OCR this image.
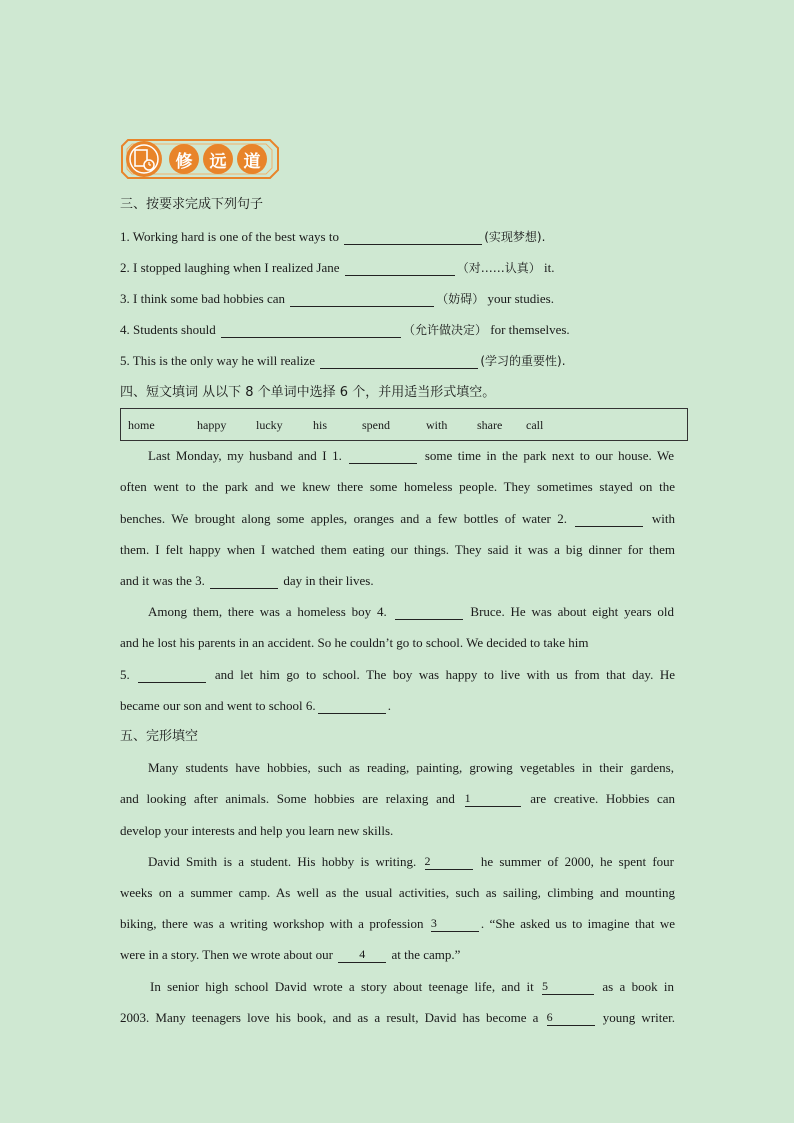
修 远 道
三、按要求完成下列句子
1. Working hard is one of the best ways to	(实现梦想).
2. I stopped laughing when I realized Jane	（对……认真） it.
3. I think some bad hobbies can	（妨碍） your studies.
4. Students should	（允许做决定） for themselves.
5. This is the only way he will realize	(学习的重要性).
四、短文填词 从以下 8 个单词中选择 6 个，并用适当形式填空。
home	happy lucky	his	spend	with share call
Last Monday, my husband and I 1.	some time in the park next to our house. We
often went to the park and we knew there some homeless people. They sometimes stayed on the
benches. We brought along some apples, oranges and a few bottles of water 2.	with
them. I felt happy when I watched them eating our things. They said it was a big dinner for them
and it was the 3.	day in their lives.
Among them, there was a homeless boy 4.	Bruce. He was about eight years old
and he lost his parents in an accident. So he couldn’t go to school. We decided to take him
5.	and let him go to school. The boy was happy to live with us from that day. He
became our son and went to school 6.	.
五、完形填空
Many students have hobbies, such as reading, painting, growing vegetables in their gardens,
and looking after animals. Some hobbies are relaxing and 1	are creative. Hobbies can
develop your interests and help you learn new skills.
David Smith is a student. His hobby is writing. 2	he summer of 2000, he spent four
weeks on a summer camp. As well as the usual activities, such as sailing, climbing and mounting
biking, there was a writing workshop with a profession 3	. “She asked us to imagine that we
were in a story. Then we wrote about our 4 at the camp.”
In senior high school David wrote a story about teenage life, and it 5	as a book in
2003. Many teenagers love his book, and as a result, David has become a 6	young writer.
